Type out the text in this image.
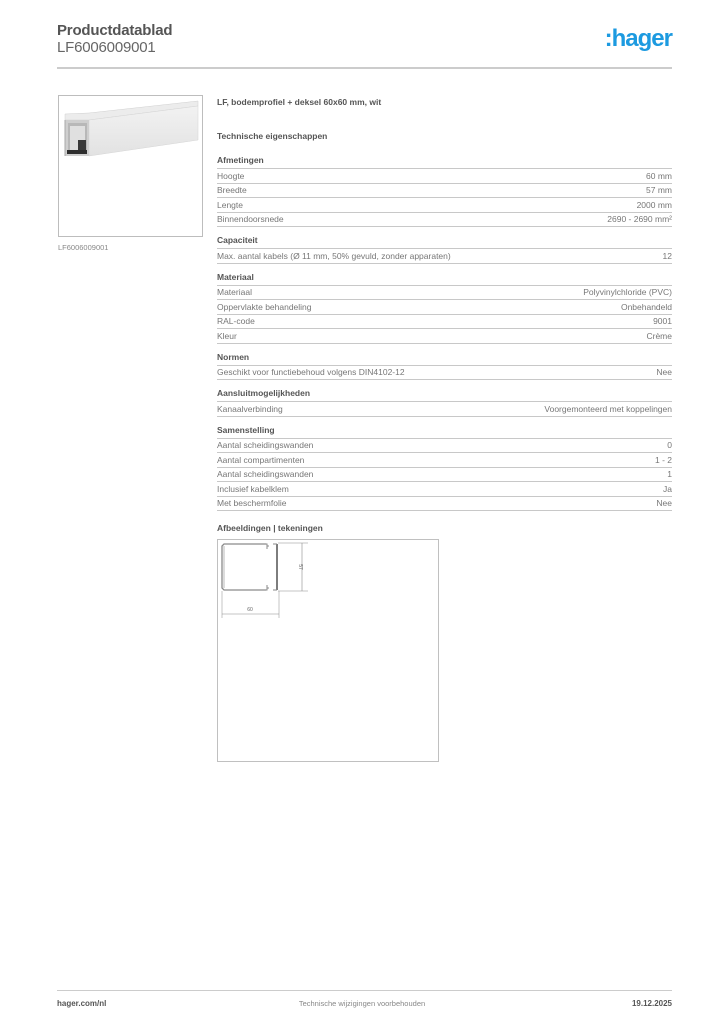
Productdatablad
LF6006009001	:hager
LF6006009001
LF, bodemprofiel + deksel 60x60 mm, wit
Technische eigenschappen
Afmetingen
Hoogte	60 mm
Breedte	57 mm
Lengte	2000 mm
Binnendoorsnede	2690 - 2690 mm²
Capaciteit
Max. aantal kabels (Ø 11 mm, 50% gevuld, zonder apparaten)	12
Materiaal
Materiaal	Polyvinylchloride (PVC)
Oppervlakte behandeling	Onbehandeld
RAL-code	9001
Kleur	Crème
Normen
Geschikt voor functiebehoud volgens DIN4102-12	Nee
Aansluitmogelijkheden
Kanaalverbinding	Voorgemonteerd met koppelingen
Samenstelling
Aantal scheidingswanden	0
Aantal compartimenten	1 - 2
Aantal scheidingswanden	1
Inclusief kabelklem	Ja
Met beschermfolie	Nee
Afbeeldingen | tekeningen
60
57
hager.com/nl	Technische wijzigingen voorbehouden	19.12.2025
